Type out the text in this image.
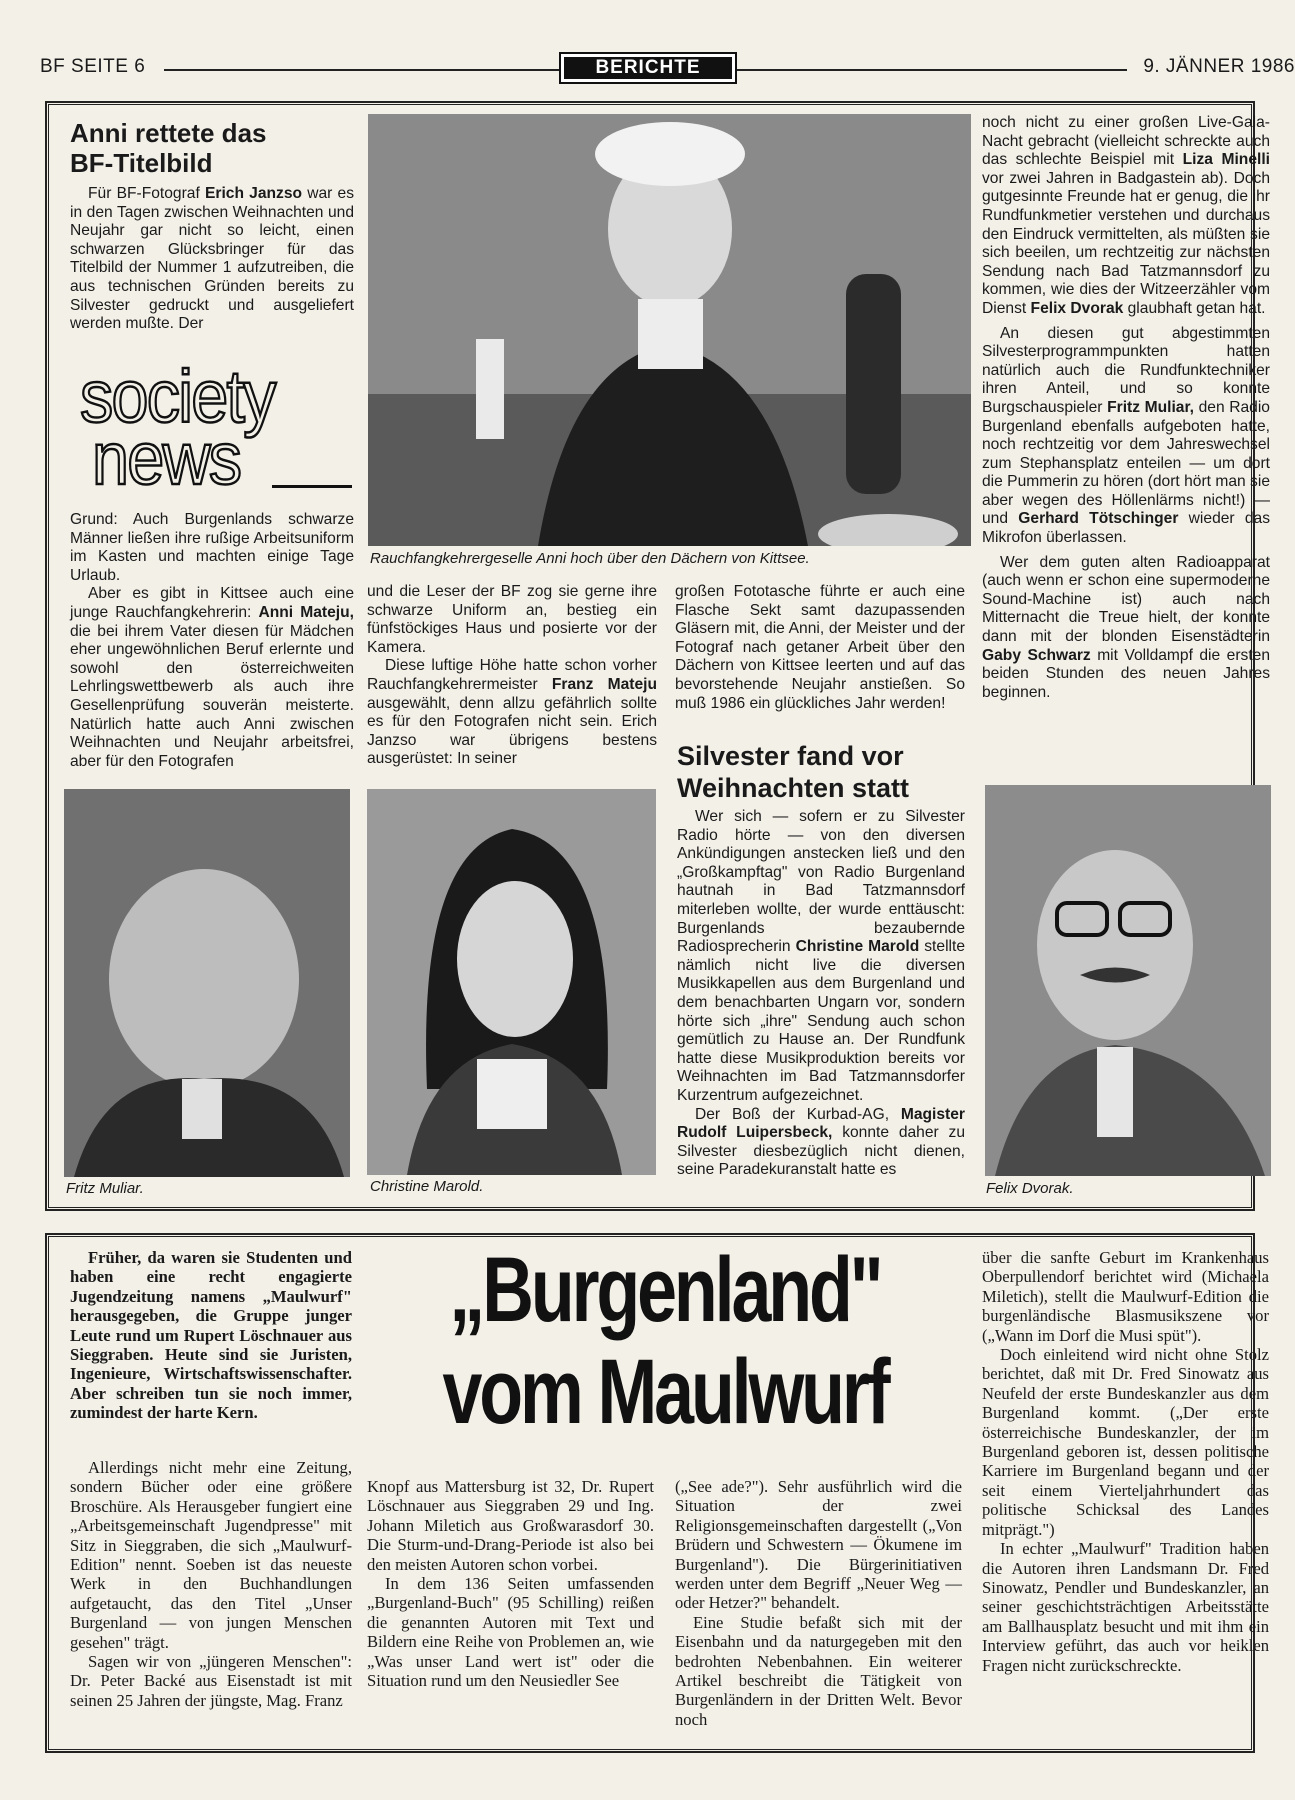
BF SEITE 6	BERICHTE	9. JÄNNER 1986
Anni rettete das
BF-Titelbild

Für BF-Fotograf Erich Janzso war es in den Tagen zwischen Weihnachten und Neujahr gar nicht so leicht, einen schwarzen Glücksbringer für das Titelbild der Nummer 1 aufzutreiben, die aus technischen Gründen bereits zu Silvester gedruckt und ausgeliefert werden mußte. Der

society
news

Grund: Auch Burgenlands schwarze Männer ließen ihre rußige Arbeitsuniform im Kasten und machten einige Tage Urlaub.

Aber es gibt in Kittsee auch eine junge Rauchfangkehrerin: Anni Mateju, die bei ihrem Vater diesen für Mädchen eher ungewöhnlichen Beruf erlernte und sowohl den österreichweiten Lehrlingswettbewerb als auch ihre Gesellenprüfung souverän meisterte. Natürlich hatte auch Anni zwischen Weihnachten und Neujahr arbeitsfrei, aber für den Fotografen

Rauchfangkehrergeselle Anni hoch über den Dächern von Kittsee.

und die Leser der BF zog sie gerne ihre schwarze Uniform an, bestieg ein fünfstöckiges Haus und posierte vor der Kamera.

Diese luftige Höhe hatte schon vorher Rauchfangkehrermeister Franz Mateju ausgewählt, denn allzu gefährlich sollte es für den Fotografen nicht sein. Erich Janzso war übrigens bestens ausgerüstet: In seiner

großen Fototasche führte er auch eine Flasche Sekt samt dazupassenden Gläsern mit, die Anni, der Meister und der Fotograf nach getaner Arbeit über den Dächern von Kittsee leerten und auf das bevorstehende Neujahr anstießen. So muß 1986 ein glückliches Jahr werden!

Silvester fand vor
Weihnachten statt

Wer sich — sofern er zu Silvester Radio hörte — von den diversen Ankündigungen anstecken ließ und den „Großkampftag" von Radio Burgenland hautnah in Bad Tatzmannsdorf miterleben wollte, der wurde enttäuscht: Burgenlands bezaubernde Radiosprecherin Christine Marold stellte nämlich nicht live die diversen Musikkapellen aus dem Burgenland und dem benachbarten Ungarn vor, sondern hörte sich „ihre" Sendung auch schon gemütlich zu Hause an. Der Rundfunk hatte diese Musikproduktion bereits vor Weihnachten im Bad Tatzmannsdorfer Kurzentrum aufgezeichnet.

Der Boß der Kurbad-AG, Magister Rudolf Luipersbeck, konnte daher zu Silvester diesbezüglich nicht dienen, seine Paradekuranstalt hatte es

noch nicht zu einer großen Live-Gala-Nacht gebracht (vielleicht schreckte auch das schlechte Beispiel mit Liza Minelli vor zwei Jahren in Badgastein ab). Doch gutgesinnte Freunde hat er genug, die ihr Rundfunkmetier verstehen und durchaus den Eindruck vermittelten, als müßten sie sich beeilen, um rechtzeitig zur nächsten Sendung nach Bad Tatzmannsdorf zu kommen, wie dies der Witzeerzähler vom Dienst Felix Dvorak glaubhaft getan hat.

An diesen gut abgestimmten Silvesterprogrammpunkten hatten natürlich auch die Rundfunktechniker ihren Anteil, und so konnte Burgschauspieler Fritz Muliar, den Radio Burgenland ebenfalls aufgeboten hatte, noch rechtzeitig vor dem Jahreswechsel zum Stephansplatz enteilen — um dort die Pummerin zu hören (dort hört man sie aber wegen des Höllenlärms nicht!) — und Gerhard Tötschinger wieder das Mikrofon überlassen.

Wer dem guten alten Radioapparat (auch wenn er schon eine supermoderne Sound-Machine ist) auch nach Mitternacht die Treue hielt, der konnte dann mit der blonden Eisenstädterin Gaby Schwarz mit Volldampf die ersten beiden Stunden des neuen Jahres beginnen.

Fritz Muliar.	Christine Marold.	Felix Dvorak.

Früher, da waren sie Studenten und haben eine recht engagierte Jugendzeitung namens „Maulwurf" herausgegeben, die Gruppe junger Leute rund um Rupert Löschnauer aus Sieggraben. Heute sind sie Juristen, Ingenieure, Wirtschaftswissenschafter. Aber schreiben tun sie noch immer, zumindest der harte Kern.

Allerdings nicht mehr eine Zeitung, sondern Bücher oder eine größere Broschüre. Als Herausgeber fungiert eine „Arbeitsgemeinschaft Jugendpresse" mit Sitz in Sieggraben, die sich „Maulwurf-Edition" nennt. Soeben ist das neueste Werk in den Buchhandlungen aufgetaucht, das den Titel „Unser Burgenland — von jungen Menschen gesehen" trägt.

Sagen wir von „jüngeren Menschen": Dr. Peter Backé aus Eisenstadt ist mit seinen 25 Jahren der jüngste, Mag. Franz

„Burgenland"
vom Maulwurf

Knopf aus Mattersburg ist 32, Dr. Rupert Löschnauer aus Sieggraben 29 und Ing. Johann Miletich aus Großwarasdorf 30. Die Sturm-und-Drang-Periode ist also bei den meisten Autoren schon vorbei.

In dem 136 Seiten umfassenden „Burgenland-Buch" (95 Schilling) reißen die genannten Autoren mit Text und Bildern eine Reihe von Problemen an, wie „Was unser Land wert ist" oder die Situation rund um den Neusiedler See

(„See ade?"). Sehr ausführlich wird die Situation der zwei Religionsgemeinschaften dargestellt („Von Brüdern und Schwestern — Ökumene im Burgenland"). Die Bürgerinitiativen werden unter dem Begriff „Neuer Weg — oder Hetzer?" behandelt.

Eine Studie befaßt sich mit der Eisenbahn und da naturgegeben mit den bedrohten Nebenbahnen. Ein weiterer Artikel beschreibt die Tätigkeit von Burgenländern in der Dritten Welt. Bevor noch

über die sanfte Geburt im Krankenhaus Oberpullendorf berichtet wird (Michaela Miletich), stellt die Maulwurf-Edition die burgenländische Blasmusikszene vor („Wann im Dorf die Musi spüt").

Doch einleitend wird nicht ohne Stolz berichtet, daß mit Dr. Fred Sinowatz aus Neufeld der erste Bundeskanzler aus dem Burgenland kommt. („Der erste österreichische Bundeskanzler, der im Burgenland geboren ist, dessen politische Karriere im Burgenland begann und der seit einem Vierteljahrhundert das politische Schicksal des Landes mitprägt.")

In echter „Maulwurf" Tradition haben die Autoren ihren Landsmann Dr. Fred Sinowatz, Pendler und Bundeskanzler, an seiner geschichtsträchtigen Arbeitsstätte am Ballhausplatz besucht und mit ihm ein Interview geführt, das auch vor heiklen Fragen nicht zurückschreckte.
